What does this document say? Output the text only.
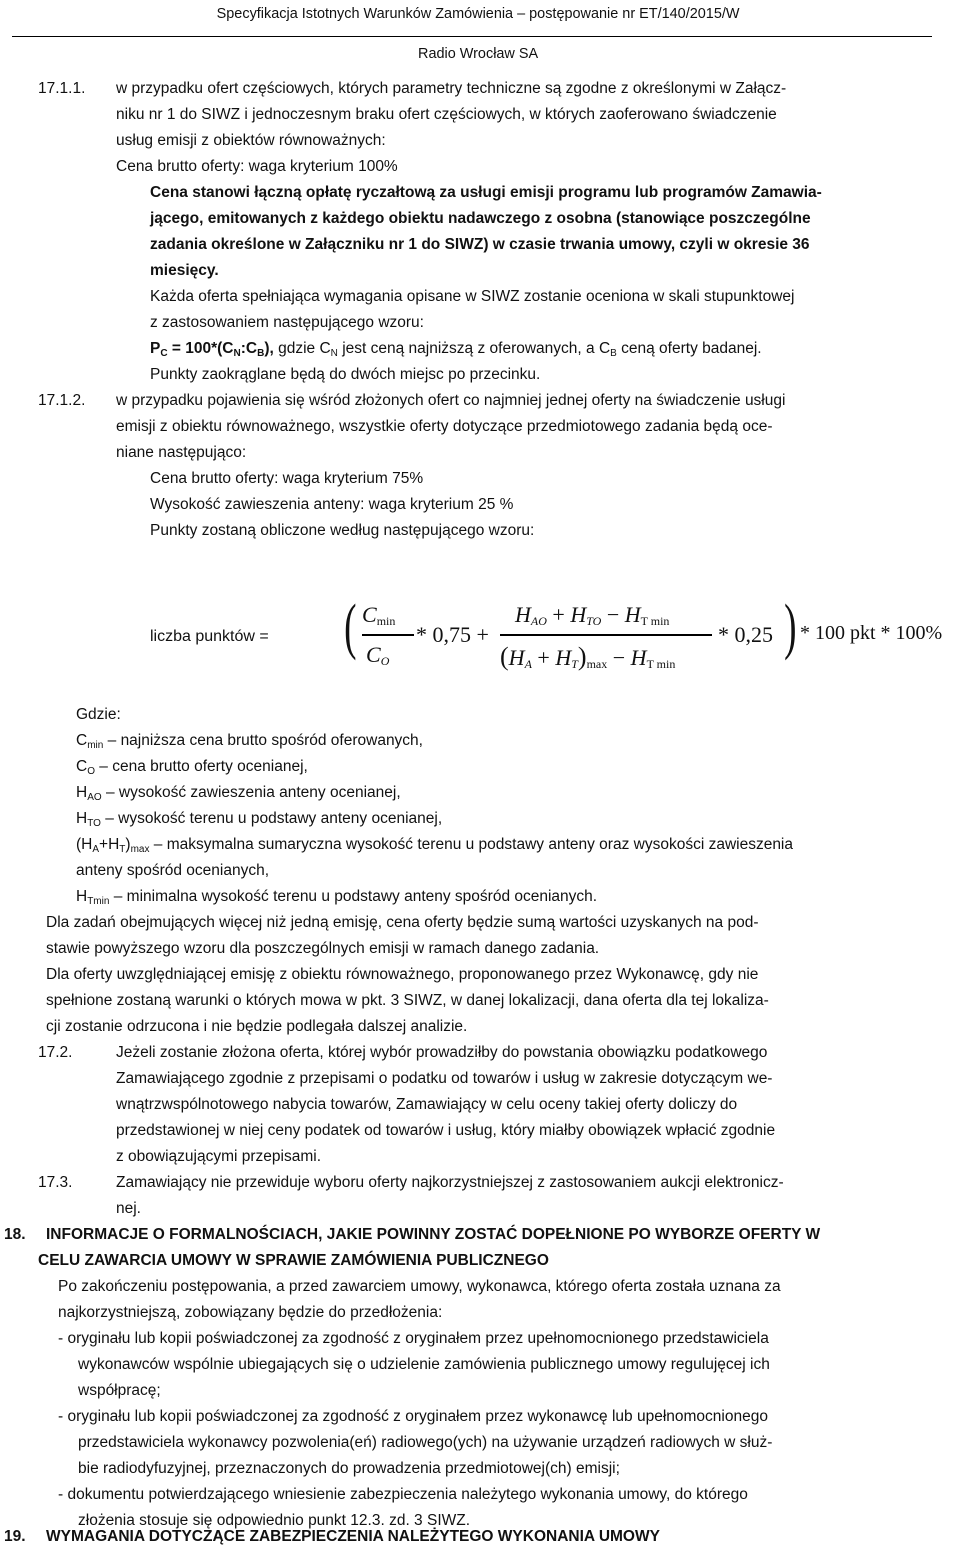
Specyfikacja Istotnych Warunków Zamówienia – postępowanie nr ET/140/2015/W
Radio Wrocław SA
17.1.1. w przypadku ofert częściowych, których parametry techniczne są zgodne z określonymi w Załącz-
niku nr 1 do SIWZ i jednoczesnym braku ofert częściowych, w których zaoferowano świadczenie
usług emisji z obiektów równoważnych:
Cena brutto oferty: waga kryterium 100%
Cena stanowi łączną opłatę ryczałtową za usługi emisji programu lub programów Zamawia-
jącego, emitowanych z każdego obiektu nadawczego z osobna (stanowiące poszczególne
zadania określone w Załączniku nr 1 do SIWZ) w czasie trwania umowy, czyli w okresie 36
miesięcy.
Każda oferta spełniająca wymagania opisane w SIWZ zostanie oceniona w skali stupunktowej
z zastosowaniem następującego wzoru:
$P_C$ = $100*(C_N:C_B)$, gdzie $C_N$ jest ceną najniższą z oferowanych, a $C_B$ ceną oferty badanej.
Punkty zaokrąglane będą do dwóch miejsc po przecinku.
17.1.2. w przypadku pojawienia się wśród złożonych ofert co najmniej jednej oferty na świadczenie usługi
emisji z obiektu równoważnego, wszystkie oferty dotyczące przedmiotowego zadania będą oce-
niane następująco:
Cena brutto oferty: waga kryterium 75%
Wysokość zawieszenia anteny: waga kryterium 25 %
Punkty zostaną obliczone według następującego wzoru:
liczba punktów = ( $C_{min}$
$C_O$
* 0,75 +
$H_{AO} + H_{TO} - H_{T min}$
$(H_A + H_T)_{max} - H_{T min}$
* 0,25 ) * 100 pkt * 100%
Gdzie:
$C_{min}$ – najniższa cena brutto spośród oferowanych,
$C_O$ – cena brutto oferty ocenianej,
$H_{AO}$ – wysokość zawieszenia anteny ocenianej,
$H_{TO}$ – wysokość terenu u podstawy anteny ocenianej,
$(H_A+H_T)_{max}$ – maksymalna sumaryczna wysokość terenu u podstawy anteny oraz wysokości zawieszenia
anteny spośród ocenianych,
$H_{Tmin}$ – minimalna wysokość terenu u podstawy anteny spośród ocenianych.
Dla zadań obejmujących więcej niż jedną emisję, cena oferty będzie sumą wartości uzyskanych na pod-
stawie powyższego wzoru dla poszczególnych emisji w ramach danego zadania.
Dla oferty uwzględniającej emisję z obiektu równoważnego, proponowanego przez Wykonawcę, gdy nie
spełnione zostaną warunki o których mowa w pkt. 3 SIWZ, w danej lokalizacji, dana oferta dla tej lokaliza-
cji zostanie odrzucona i nie będzie podlegała dalszej analizie.
17.2.	Jeżeli zostanie złożona oferta, której wybór prowadziłby do powstania obowiązku podatkowego
Zamawiającego zgodnie z przepisami o podatku od towarów i usług w zakresie dotyczącym we-
wnątrzwspólnotowego nabycia towarów, Zamawiający w celu oceny takiej oferty doliczy do
przedstawionej w niej ceny podatek od towarów i usług, który miałby obowiązek wpłacić zgodnie
z obowiązującymi przepisami.
17.3.	Zamawiający nie przewiduje wyboru oferty najkorzystniejszej z zastosowaniem aukcji elektronicz-
nej.
18. INFORMACJE O FORMALNOŚCIACH, JAKIE POWINNY ZOSTAĆ DOPEŁNIONE PO WYBORZE OFERTY W
CELU ZAWARCIA UMOWY W SPRAWIE ZAMÓWIENIA PUBLICZNEGO
Po zakończeniu postępowania, a przed zawarciem umowy, wykonawca, którego oferta została uznana za
najkorzystniejszą, zobowiązany będzie do przedłożenia:
- oryginału lub kopii poświadczonej za zgodność z oryginałem przez upełnomocnionego przedstawiciela
wykonawców wspólnie ubiegających się o udzielenie zamówienia publicznego umowy regulujęcej ich
współpracę;
- oryginału lub kopii poświadczonej za zgodność z oryginałem przez wykonawcę lub upełnomocnionego
przedstawiciela wykonawcy pozwolenia(eń) radiowego(ych) na używanie urządzeń radiowych w służ-
bie radiodyfuzyjnej, przeznaczonych do prowadzenia przedmiotowej(ch) emisji;
- dokumentu potwierdzającego wniesienie zabezpieczenia należytego wykonania umowy, do którego
złożenia stosuje się odpowiednio punkt 12.3. zd. 3 SIWZ.
19. WYMAGANIA DOTYCZĄCE ZABEZPIECZENIA NALEŻYTEGO WYKONANIA UMOWY
